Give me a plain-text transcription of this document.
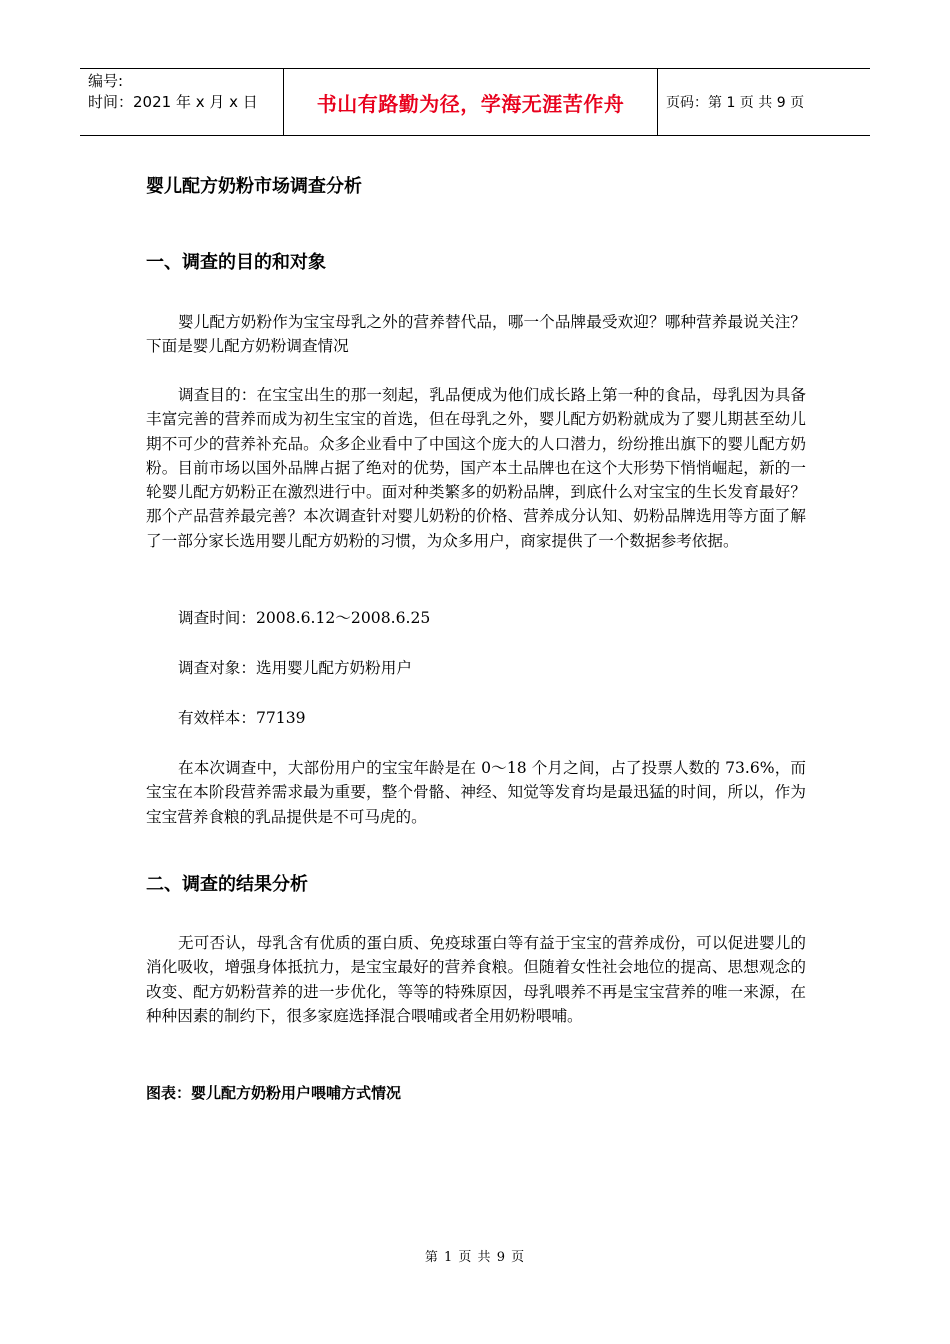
编号:
时间：2021 年 x 月 x 日	书山有路勤为径，学海无涯苦作舟	页码：第 1 页 共 9 页
婴儿配方奶粉市场调查分析
一、调查的目的和对象

婴儿配方奶粉作为宝宝母乳之外的营养替代品，哪一个品牌最受欢迎？哪种营养最说关注？下面是婴儿配方奶粉调查情况

调查目的：在宝宝出生的那一刻起，乳品便成为他们成长路上第一种的食品，母乳因为具备丰富完善的营养而成为初生宝宝的首选，但在母乳之外，婴儿配方奶粉就成为了婴儿期甚至幼儿期不可少的营养补充品。众多企业看中了中国这个庞大的人口潜力，纷纷推出旗下的婴儿配方奶粉。目前市场以国外品牌占据了绝对的优势，国产本土品牌也在这个大形势下悄悄崛起，新的一轮婴儿配方奶粉正在激烈进行中。面对种类繁多的奶粉品牌，到底什么对宝宝的生长发育最好？那个产品营养最完善？本次调查针对婴儿奶粉的价格、营养成分认知、奶粉品牌选用等方面了解了一部分家长选用婴儿配方奶粉的习惯，为众多用户，商家提供了一个数据参考依据。

调查时间：2008.6.12～2008.6.25

调查对象：选用婴儿配方奶粉用户

有效样本：77139

在本次调查中，大部份用户的宝宝年龄是在 0～18 个月之间，占了投票人数的 73.6%，而宝宝在本阶段营养需求最为重要，整个骨骼、神经、知觉等发育均是最迅猛的时间，所以，作为宝宝营养食粮的乳品提供是不可马虎的。

二、调查的结果分析

无可否认，母乳含有优质的蛋白质、免疫球蛋白等有益于宝宝的营养成份，可以促进婴儿的消化吸收，增强身体抵抗力，是宝宝最好的营养食粮。但随着女性社会地位的提高、思想观念的改变、配方奶粉营养的进一步优化，等等的特殊原因，母乳喂养不再是宝宝营养的唯一来源，在种种因素的制约下，很多家庭选择混合喂哺或者全用奶粉喂哺。

图表：婴儿配方奶粉用户喂哺方式情况
第 1 页 共 9 页
